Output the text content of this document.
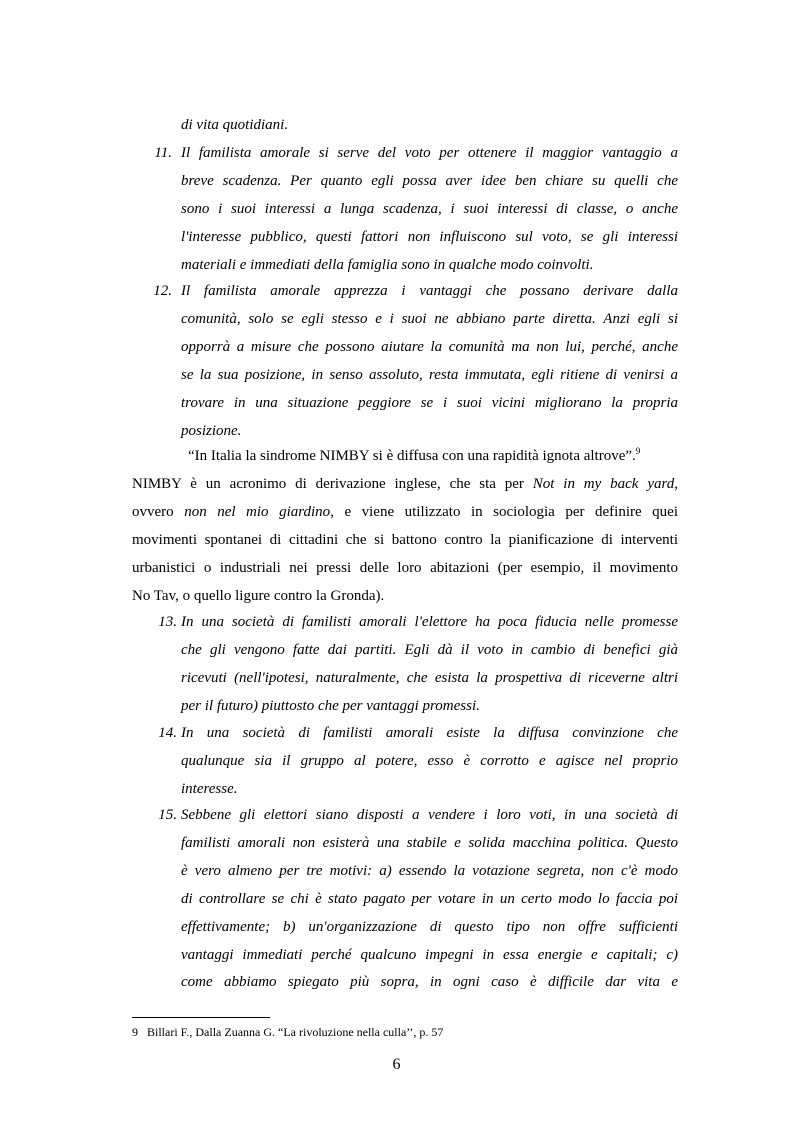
di vita quotidiani.
11. Il familista amorale si serve del voto per ottenere il maggior vantaggio a
breve scadenza. Per quanto egli possa aver idee ben chiare su quelli che
sono i suoi interessi a lunga scadenza, i suoi interessi di classe, o anche
l'interesse pubblico, questi fattori non influiscono sul voto, se gli interessi
materiali e immediati della famiglia sono in qualche modo coinvolti.
12. Il familista amorale apprezza i vantaggi che possano derivare dalla
comunità, solo se egli stesso e i suoi ne abbiano parte diretta. Anzi egli si
opporrà a misure che possono aiutare la comunità ma non lui, perché, anche
se la sua posizione, in senso assoluto, resta immutata, egli ritiene di venirsi a
trovare in una situazione peggiore se i suoi vicini migliorano la propria
posizione.
“In Italia la sindrome NIMBY si è diffusa con una rapidità ignota altrove”.$^9$
NIMBY è un acronimo di derivazione inglese, che sta per Not in my back yard,
ovvero non nel mio giardino, e viene utilizzato in sociologia per definire quei
movimenti spontanei di cittadini che si battono contro la pianificazione di interventi
urbanistici o industriali nei pressi delle loro abitazioni (per esempio, il movimento
No Tav, o quello ligure contro la Gronda).
13. In una società di familisti amorali l'elettore ha poca fiducia nelle promesse
che gli vengono fatte dai partiti. Egli dà il voto in cambio di benefici già
ricevuti (nell'ipotesi, naturalmente, che esista la prospettiva di riceverne altri
per il futuro) piuttosto che per vantaggi promessi.
14. In una società di familisti amorali esiste la diffusa convinzione che
qualunque sia il gruppo al potere, esso è corrotto e agisce nel proprio
interesse.
15. Sebbene gli elettori siano disposti a vendere i loro voti, in una società di
familisti amorali non esisterà una stabile e solida macchina politica. Questo
è vero almeno per tre motivi: a) essendo la votazione segreta, non c'è modo
di controllare se chi è stato pagato per votare in un certo modo lo faccia poi
effettivamente; b) un'organizzazione di questo tipo non offre sufficienti
vantaggi immediati perché qualcuno impegni in essa energie e capitali; c)
come abbiamo spiegato più sopra, in ogni caso è difficile dar vita e
9 Billari F., Dalla Zuanna G. “La rivoluzione nella culla’’, p. 57
6
